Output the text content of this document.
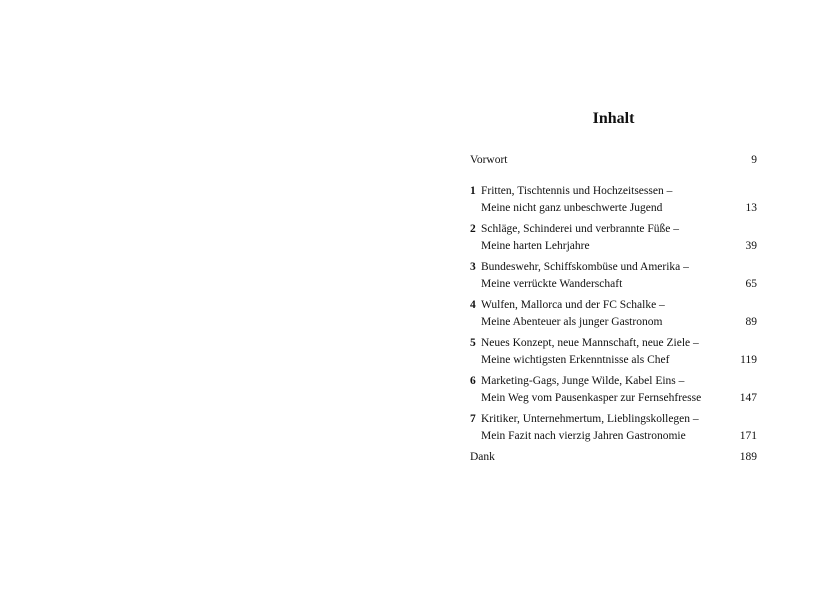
Inhalt
Vorwort	9
1 Fritten, Tischtennis und Hochzeitsessen –
Meine nicht ganz unbeschwerte Jugend	13
2 Schläge, Schinderei und verbrannte Füße –
Meine harten Lehrjahre	39
3 Bundeswehr, Schiffskombüse und Amerika –
Meine verrückte Wanderschaft	65
4 Wulfen, Mallorca und der FC Schalke –
Meine Abenteuer als junger Gastronom	89
5 Neues Konzept, neue Mannschaft, neue Ziele –
Meine wichtigsten Erkenntnisse als Chef	119
6 Marketing-Gags, Junge Wilde, Kabel Eins –
Mein Weg vom Pausenkasper zur Fernsehfresse	147
7 Kritiker, Unternehmertum, Lieblingskollegen –
Mein Fazit nach vierzig Jahren Gastronomie	171
Dank	189
